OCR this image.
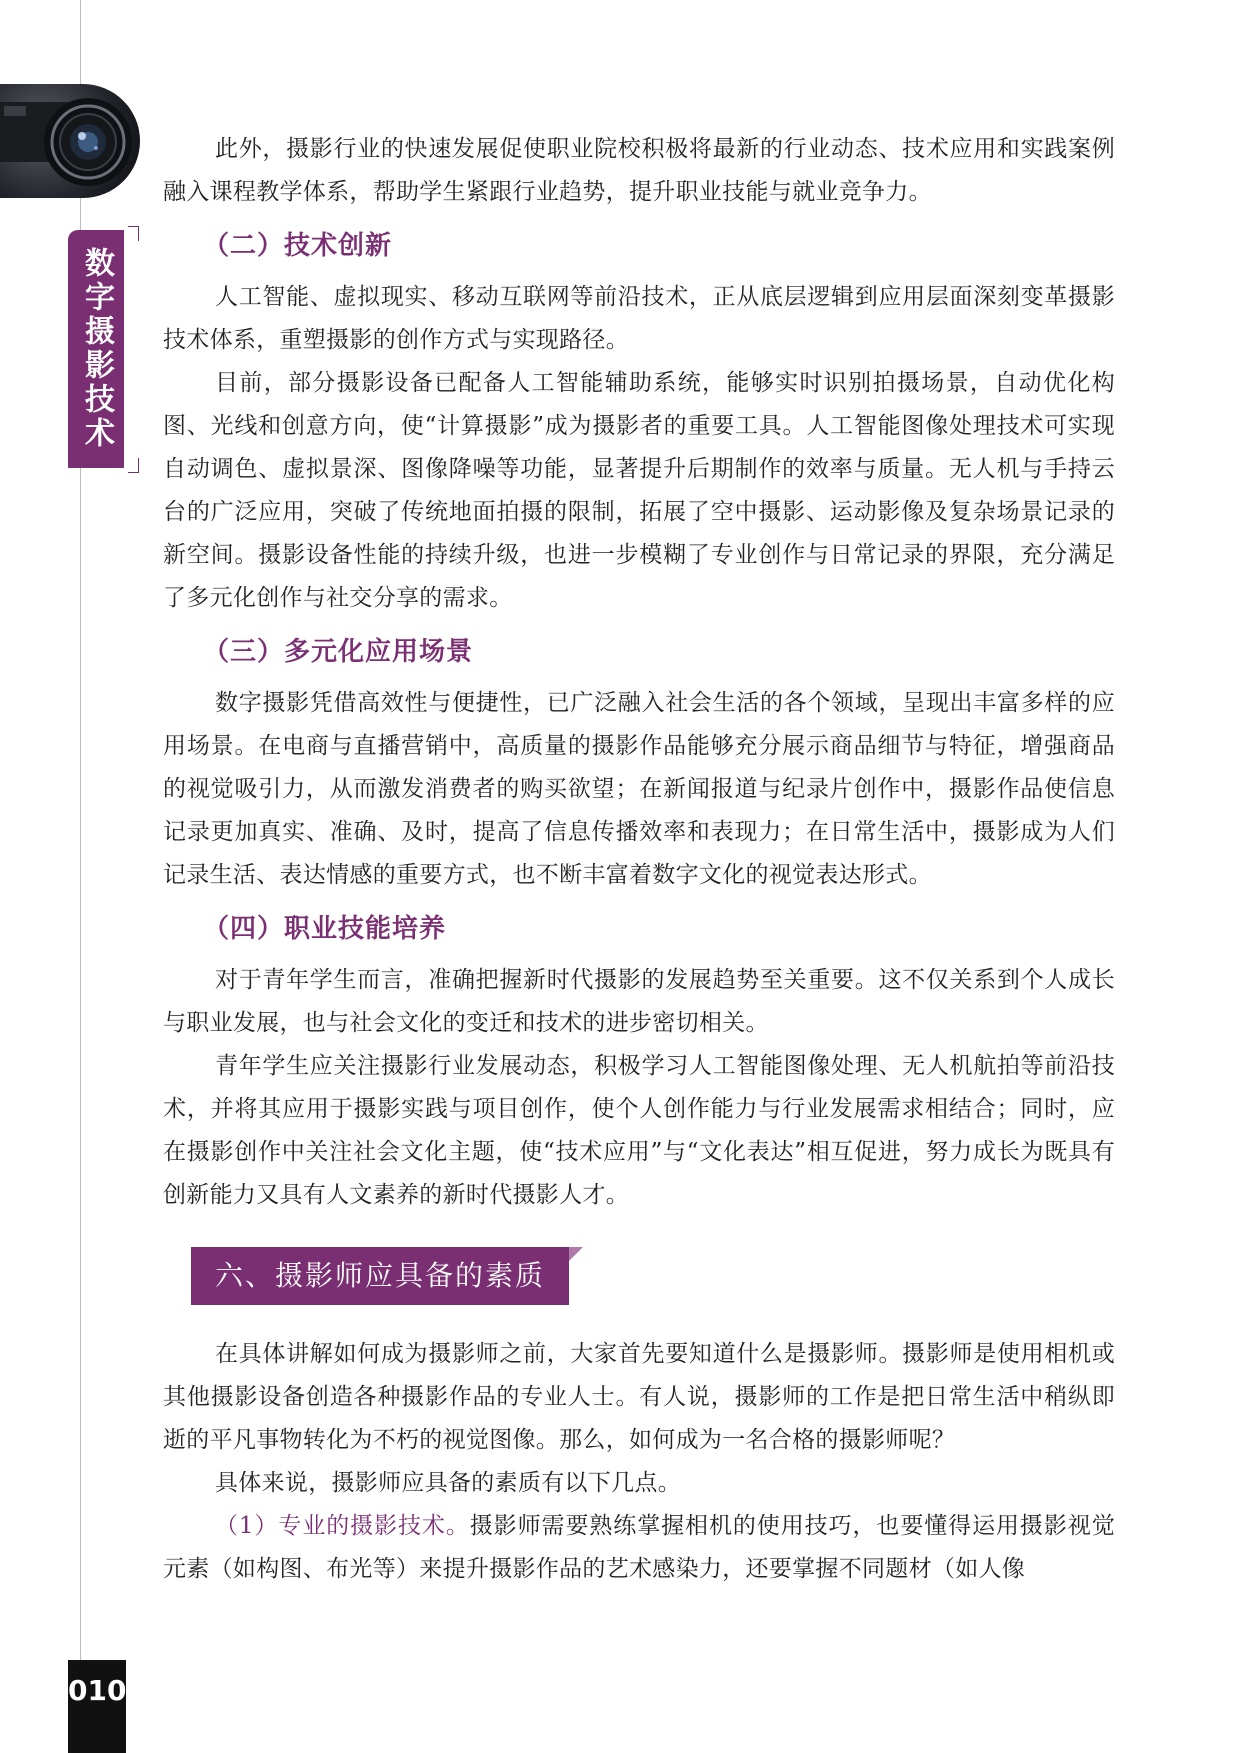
数字摄影技术

此外，摄影行业的快速发展促使职业院校积极将最新的行业动态、技术应用和实践案例融入课程教学体系，帮助学生紧跟行业趋势，提升职业技能与就业竞争力。

（二）技术创新

人工智能、虚拟现实、移动互联网等前沿技术，正从底层逻辑到应用层面深刻变革摄影技术体系，重塑摄影的创作方式与实现路径。

目前，部分摄影设备已配备人工智能辅助系统，能够实时识别拍摄场景，自动优化构图、光线和创意方向，使“计算摄影”成为摄影者的重要工具。人工智能图像处理技术可实现自动调色、虚拟景深、图像降噪等功能，显著提升后期制作的效率与质量。无人机与手持云台的广泛应用，突破了传统地面拍摄的限制，拓展了空中摄影、运动影像及复杂场景记录的新空间。摄影设备性能的持续升级，也进一步模糊了专业创作与日常记录的界限，充分满足了多元化创作与社交分享的需求。

（三）多元化应用场景

数字摄影凭借高效性与便捷性，已广泛融入社会生活的各个领域，呈现出丰富多样的应用场景。在电商与直播营销中，高质量的摄影作品能够充分展示商品细节与特征，增强商品的视觉吸引力，从而激发消费者的购买欲望；在新闻报道与纪录片创作中，摄影作品使信息记录更加真实、准确、及时，提高了信息传播效率和表现力；在日常生活中，摄影成为人们记录生活、表达情感的重要方式，也不断丰富着数字文化的视觉表达形式。

（四）职业技能培养

对于青年学生而言，准确把握新时代摄影的发展趋势至关重要。这不仅关系到个人成长与职业发展，也与社会文化的变迁和技术的进步密切相关。

青年学生应关注摄影行业发展动态，积极学习人工智能图像处理、无人机航拍等前沿技术，并将其应用于摄影实践与项目创作，使个人创作能力与行业发展需求相结合；同时，应在摄影创作中关注社会文化主题，使“技术应用”与“文化表达”相互促进，努力成长为既具有创新能力又具有人文素养的新时代摄影人才。

六、摄影师应具备的素质

在具体讲解如何成为摄影师之前，大家首先要知道什么是摄影师。摄影师是使用相机或其他摄影设备创造各种摄影作品的专业人士。有人说，摄影师的工作是把日常生活中稍纵即逝的平凡事物转化为不朽的视觉图像。那么，如何成为一名合格的摄影师呢？

具体来说，摄影师应具备的素质有以下几点。

（1）专业的摄影技术。摄影师需要熟练掌握相机的使用技巧，也要懂得运用摄影视觉元素（如构图、布光等）来提升摄影作品的艺术感染力，还要掌握不同题材（如人像

010
